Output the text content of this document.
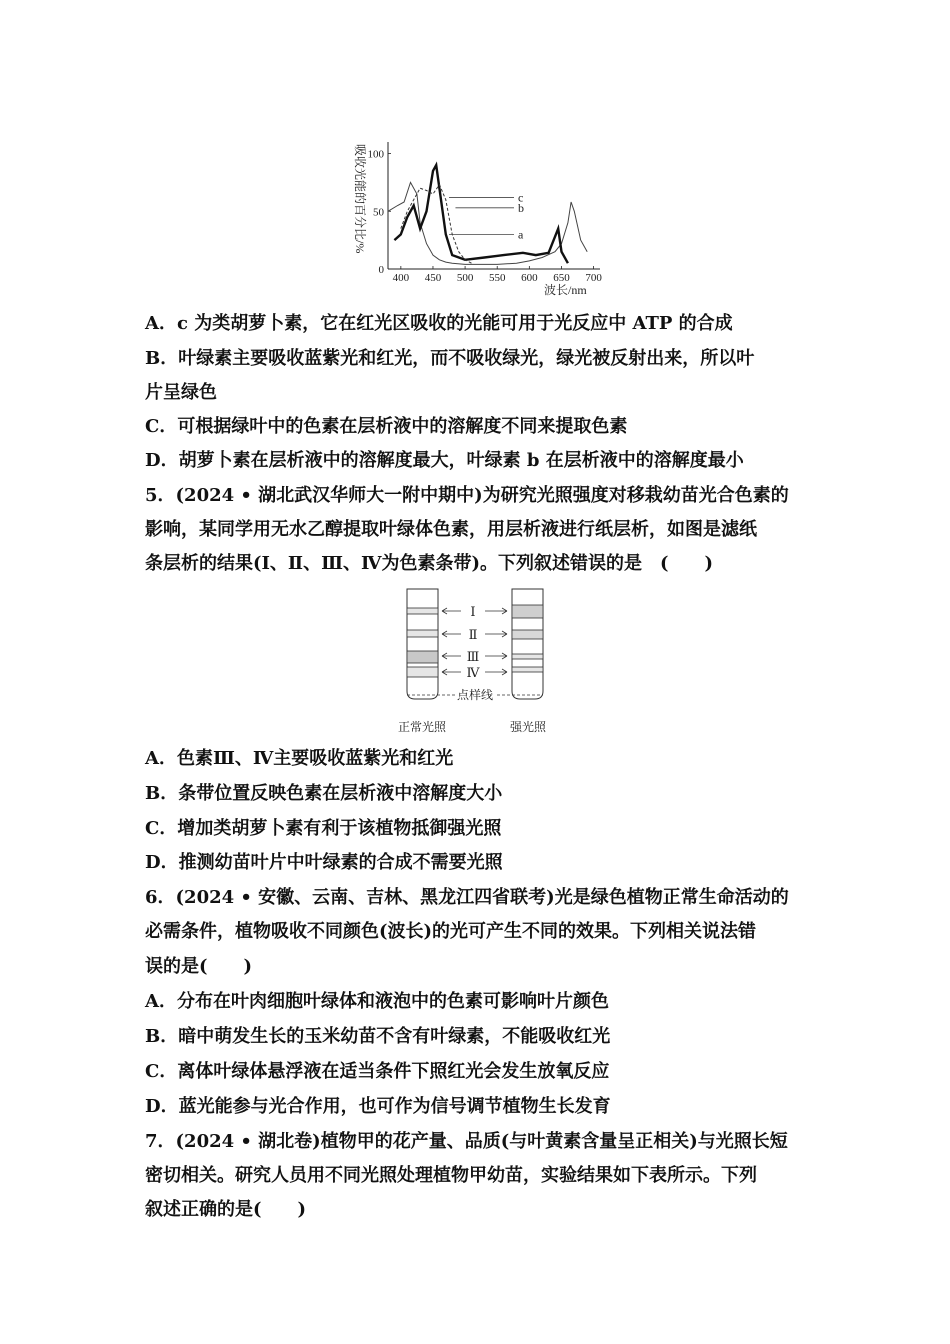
400 450 500 550 600 650 700
0
50
100
a
b
c
吸收光能的百分比/%
波长/nm
A．c 为类胡萝卜素，它在红光区吸收的光能可用于光反应中 ATP 的合成
B．叶绿素主要吸收蓝紫光和红光，而不吸收绿光，绿光被反射出来，所以叶
片呈绿色
C．可根据绿叶中的色素在层析液中的溶解度不同来提取色素
D．胡萝卜素在层析液中的溶解度最大，叶绿素 b 在层析液中的溶解度最小
5．(2024 • 湖北武汉华师大一附中期中)为研究光照强度对移栽幼苗光合色素的
影响，某同学用无水乙醇提取叶绿体色素，用层析液进行纸层析，如图是滤纸
条层析的结果(Ⅰ、Ⅱ、Ⅲ、Ⅳ为色素条带)。下列叙述错误的是　(　　)
Ⅰ
Ⅱ
Ⅲ
Ⅳ
点样线
正常光照	强光照
A．色素Ⅲ、Ⅳ主要吸收蓝紫光和红光
B．条带位置反映色素在层析液中溶解度大小
C．增加类胡萝卜素有利于该植物抵御强光照
D．推测幼苗叶片中叶绿素的合成不需要光照
6．(2024 • 安徽、云南、吉林、黑龙江四省联考)光是绿色植物正常生命活动的
必需条件，植物吸收不同颜色(波长)的光可产生不同的效果。下列相关说法错
误的是(　　)
A．分布在叶肉细胞叶绿体和液泡中的色素可影响叶片颜色
B．暗中萌发生长的玉米幼苗不含有叶绿素，不能吸收红光
C．离体叶绿体悬浮液在适当条件下照红光会发生放氧反应
D．蓝光能参与光合作用，也可作为信号调节植物生长发育
7．(2024 • 湖北卷)植物甲的花产量、品质(与叶黄素含量呈正相关)与光照长短
密切相关。研究人员用不同光照处理植物甲幼苗，实验结果如下表所示。下列
叙述正确的是(　　)
